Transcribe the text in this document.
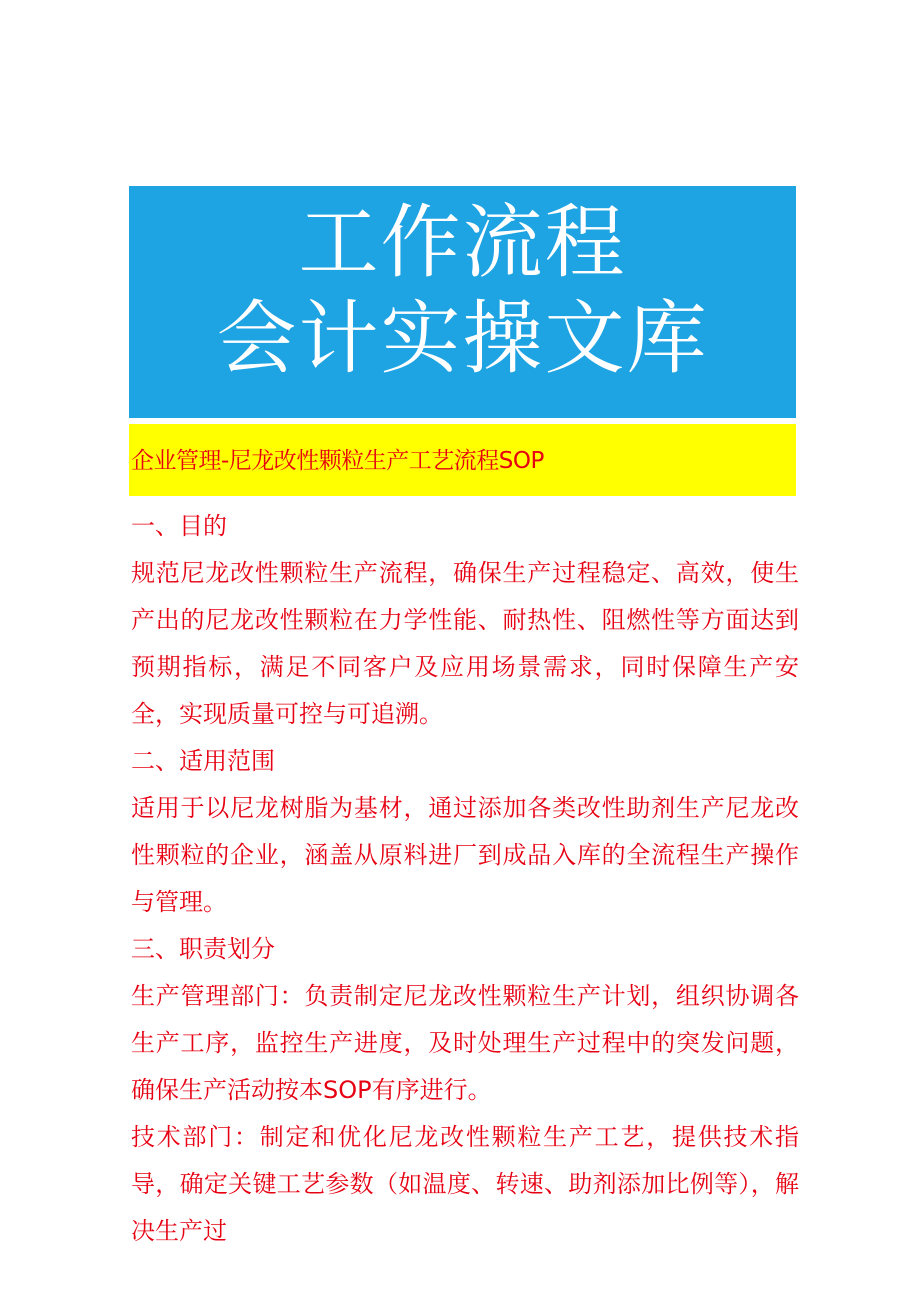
工作流程
会计实操文库
企业管理-尼龙改性颗粒生产工艺流程SOP

一、目的

规范尼龙改性颗粒生产流程，确保生产过程稳定、高效，使生产出的尼龙改性颗粒在力学性能、耐热性、阻燃性等方面达到预期指标，满足不同客户及应用场景需求，同时保障生产安全，实现质量可控与可追溯。

二、适用范围

适用于以尼龙树脂为基材，通过添加各类改性助剂生产尼龙改性颗粒的企业，涵盖从原料进厂到成品入库的全流程生产操作与管理。

三、职责划分

生产管理部门：负责制定尼龙改性颗粒生产计划，组织协调各生产工序，监控生产进度，及时处理生产过程中的突发问题，确保生产活动按本SOP有序进行。

技术部门：制定和优化尼龙改性颗粒生产工艺，提供技术指导，确定关键工艺参数（如温度、转速、助剂添加比例等），解决生产过
